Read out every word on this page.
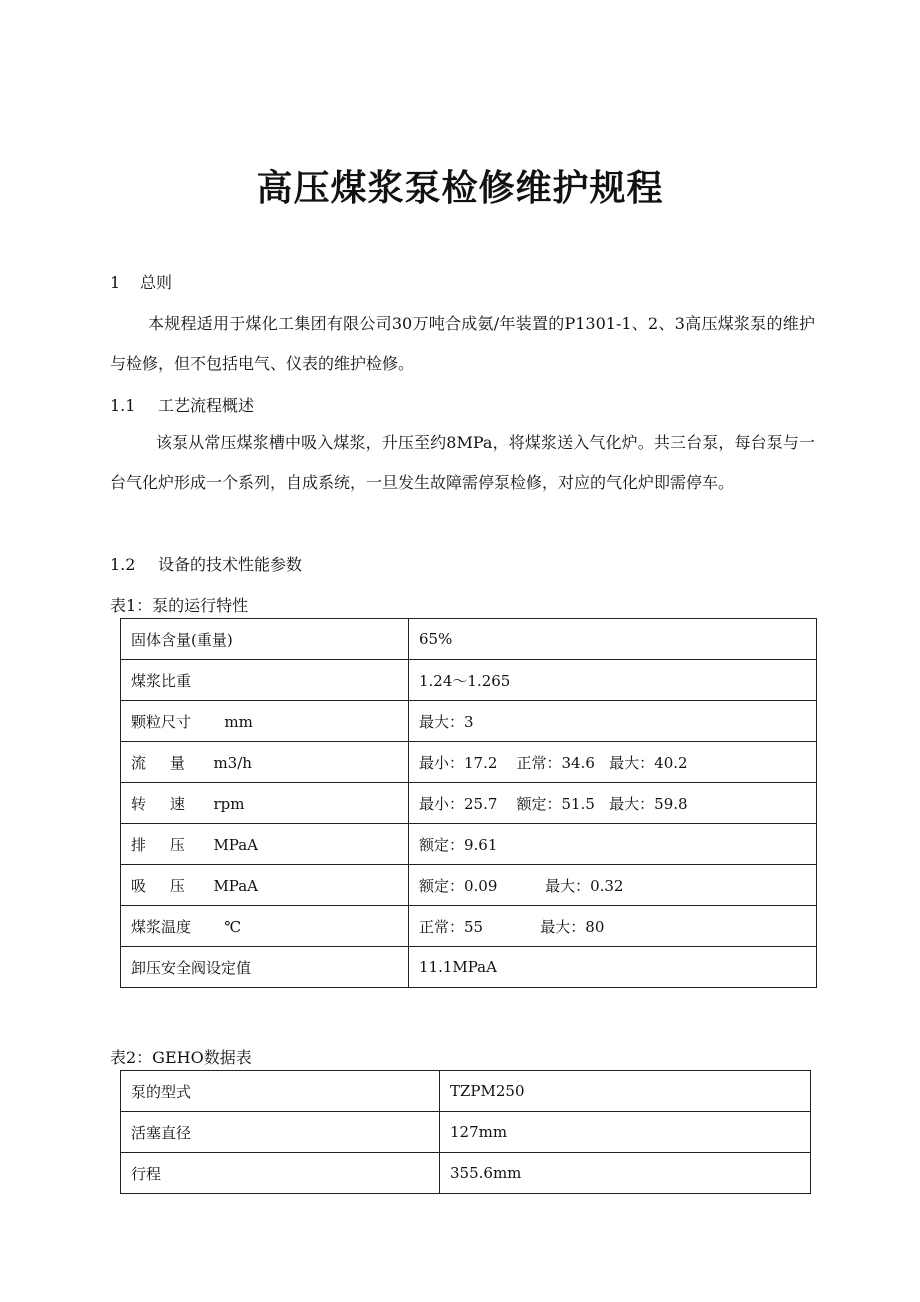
高压煤浆泵检修维护规程

1 总则

本规程适用于煤化工集团有限公司30万吨合成氨/年装置的P1301-1、2、3高压煤浆泵的维护与检修，但不包括电气、仪表的维护检修。

1.1 工艺流程概述

该泵从常压煤浆槽中吸入煤浆，升压至约8MPa，将煤浆送入气化炉。共三台泵，每台泵与一台气化炉形成一个系列，自成系统，一旦发生故障需停泵检修，对应的气化炉即需停车。

1.2 设备的技术性能参数

表1：泵的运行特性

固体含量(重量)	65%
煤浆比重	1.24～1.265
颗粒尺寸       mm	最大：3
流     量      m3/h	最小：17.2    正常：34.6   最大：40.2
转     速      rpm	最小：25.7    额定：51.5   最大：59.8
排     压      MPaA	额定：9.61
吸     压      MPaA	额定：0.09          最大：0.32
煤浆温度       ℃	正常：55            最大：80
卸压安全阀设定值	11.1MPaA

表2：GEHO数据表

泵的型式	TZPM250
活塞直径	127mm
行程	355.6mm
